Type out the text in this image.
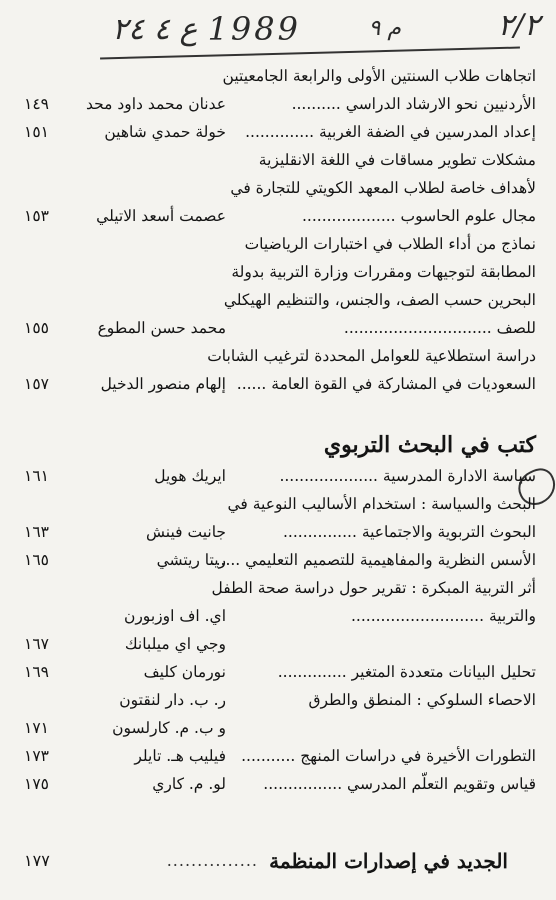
٢/٢
م ٩
1989
ع ٤ ٢٤
اتجاهات طلاب السنتين الأولى والرابعة الجامعيتين
الأردنيين نحو الارشاد الدراسي ..........
عدنان محمد داود محد
١٤٩
إعداد المدرسين في الضفة الغربية ..............
خولة حمدي شاهين
١٥١
مشكلات تطوير مساقات في اللغة الانقليزية
لأهداف خاصة لطلاب المعهد الكويتي للتجارة في
مجال علوم الحاسوب ...................
عصمت أسعد الاتيلي
١٥٣
نماذج من أداء الطلاب في اختبارات الرياضيات
المطابقة لتوجيهات ومقررات وزارة التربية بدولة
البحرين حسب الصف، والجنس، والتنظيم الهيكلي
للصف ..............................
محمد حسن المطوع
١٥٥
دراسة استطلاعية للعوامل المحددة لترغيب الشابات
السعوديات في المشاركة في القوة العامة ......
إلهام منصور الدخيل
١٥٧
كتب في البحث التربوي
سياسة الادارة المدرسية ....................
ايريك هويل
١٦١
البحث والسياسة : استخدام الأساليب النوعية في
البحوث التربوية والاجتماعية ...............
جانيت فينش
١٦٣
الأسس النظرية والمفاهيمية للتصميم التعليمي ......
ريتا ريتشي
١٦٥
أثر التربية المبكرة : تقرير حول دراسة صحة الطفل
والتربية ...........................
اي. اف اوزبورن
وجي اي ميلبانك
١٦٧
تحليل البيانات متعددة المتغير ..............
نورمان كليف
١٦٩
الاحصاء السلوكي : المنطق والطرق
ر. ب. دار لنقتون
و ب. م. كارلسون
١٧١
التطورات الأخيرة في دراسات المنهج ...........
فيليب هـ. تايلر
١٧٣
قياس وتقويم التعلّم المدرسي ................
لو. م. كاري
١٧٥
الجديد في إصدارات المنظمة
...............
١٧٧
